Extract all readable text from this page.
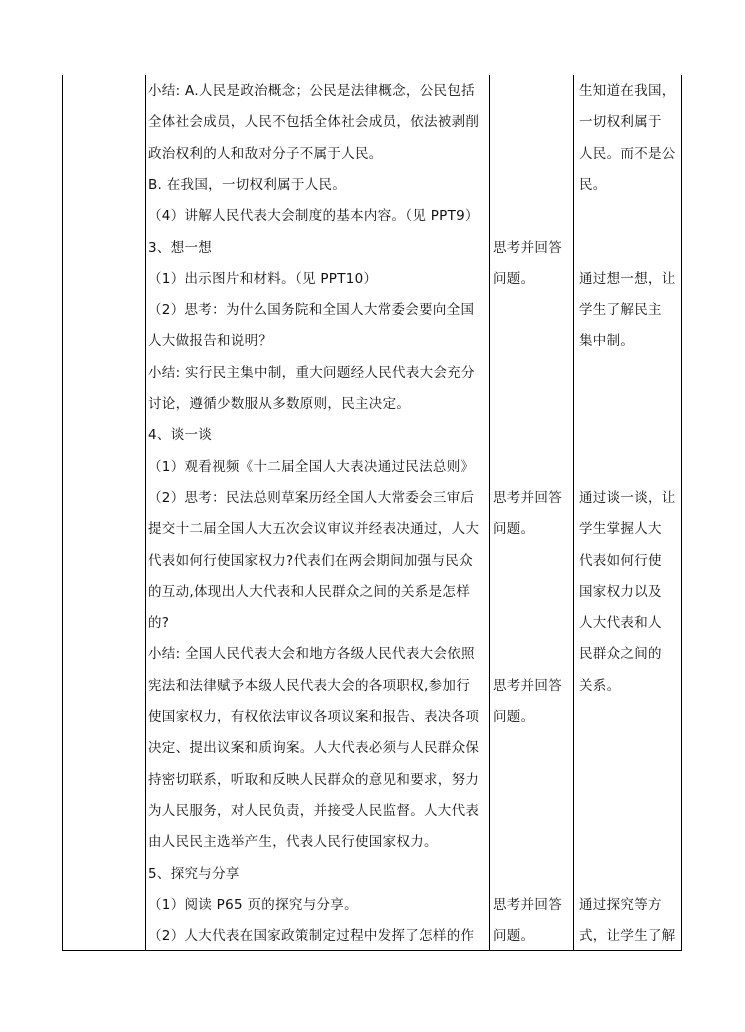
小结: A.人民是政治概念；公民是法律概念，公民包括
全体社会成员，人民不包括全体社会成员，依法被剥削
政治权利的人和敌对分子不属于人民。
B. 在我国，一切权利属于人民。
（4）讲解人民代表大会制度的基本内容。（见 PPT9）
3、想一想
（1）出示图片和材料。（见 PPT10）
（2）思考：为什么国务院和全国人大常委会要向全国
人大做报告和说明？
小结: 实行民主集中制，重大问题经人民代表大会充分
讨论，遵循少数服从多数原则，民主决定。
4、谈一谈
（1）观看视频《十二届全国人大表决通过民法总则》
（2）思考：民法总则草案历经全国人大常委会三审后
提交十二届全国人大五次会议审议并经表决通过，人大
代表如何行使国家权力?代表们在两会期间加强与民众
的互动,体现出人大代表和人民群众之间的关系是怎样
的?
小结: 全国人民代表大会和地方各级人民代表大会依照
宪法和法律赋予本级人民代表大会的各项职权,参加行
使国家权力，有权依法审议各项议案和报告、表决各项
决定、提出议案和质询案。人大代表必须与人民群众保
持密切联系，听取和反映人民群众的意见和要求，努力
为人民服务，对人民负责，并接受人民监督。人大代表
由人民民主选举产生，代表人民行使国家权力。
5、探究与分享
（1）阅读 P65 页的探究与分享。
（2）人大代表在国家政策制定过程中发挥了怎样的作
思考并回答
问题。
思考并回答
问题。
思考并回答
问题。
思考并回答
问题。
生知道在我国，
一切权利属于
人民。而不是公
民。
通过想一想，让
学生了解民主
集中制。
通过谈一谈，让
学生掌握人大
代表如何行使
国家权力以及
人大代表和人
民群众之间的
关系。
通过探究等方
式，让学生了解
